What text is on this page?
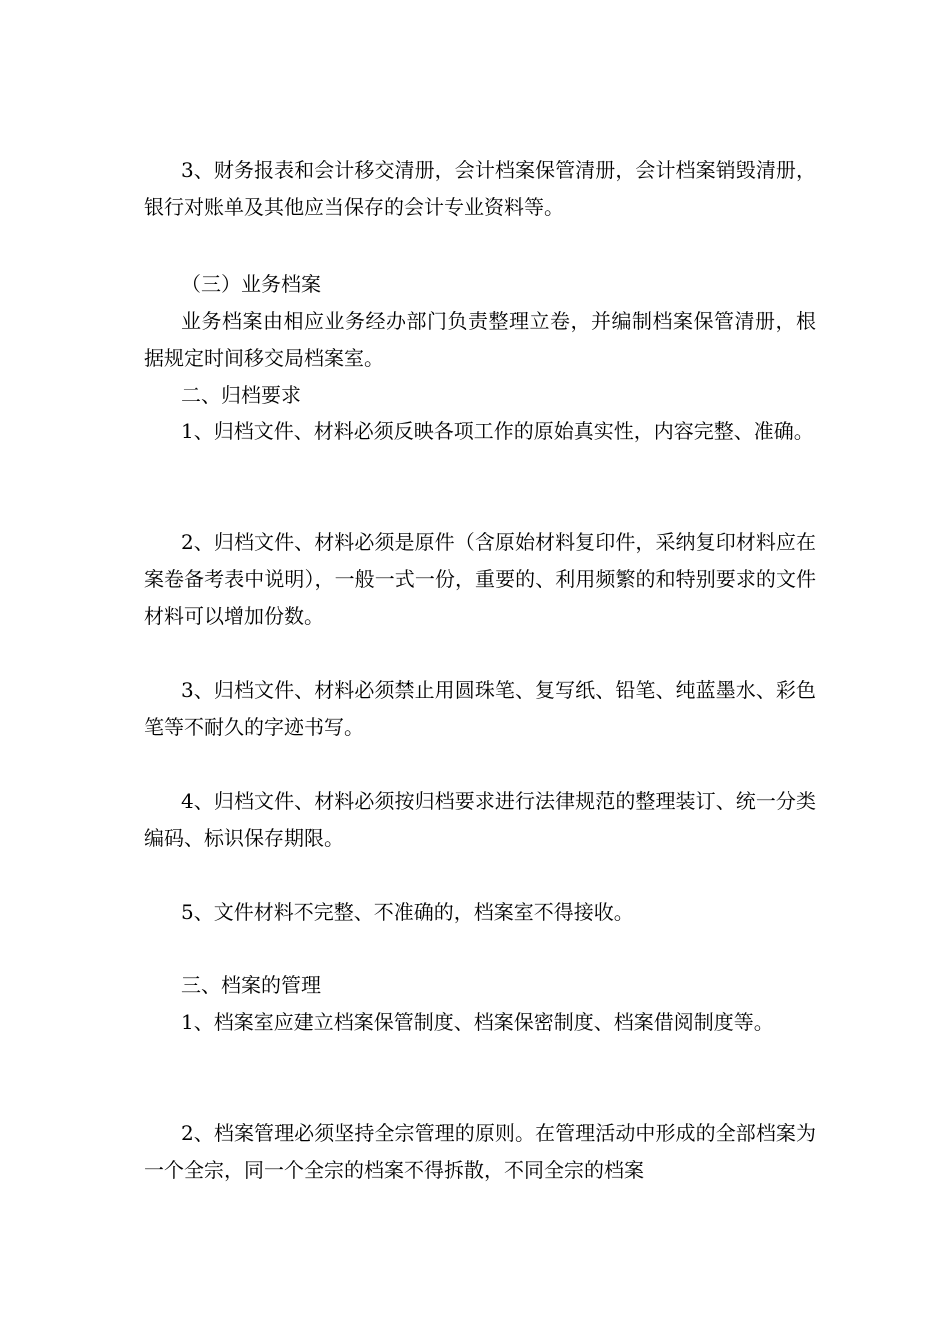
3、财务报表和会计移交清册，会计档案保管清册，会计档案销毁清册，银行对账单及其他应当保存的会计专业资料等。

（三）业务档案

业务档案由相应业务经办部门负责整理立卷，并编制档案保管清册，根据规定时间移交局档案室。

二、归档要求

1、归档文件、材料必须反映各项工作的原始真实性，内容完整、准确。

2、归档文件、材料必须是原件（含原始材料复印件，采纳复印材料应在案卷备考表中说明），一般一式一份，重要的、利用频繁的和特别要求的文件材料可以增加份数。

3、归档文件、材料必须禁止用圆珠笔、复写纸、铅笔、纯蓝墨水、彩色笔等不耐久的字迹书写。

4、归档文件、材料必须按归档要求进行法律规范的整理装订、统一分类编码、标识保存期限。

5、文件材料不完整、不准确的，档案室不得接收。

三、档案的管理

1、档案室应建立档案保管制度、档案保密制度、档案借阅制度等。

2、档案管理必须坚持全宗管理的原则。在管理活动中形成的全部档案为一个全宗，同一个全宗的档案不得拆散，不同全宗的档案
